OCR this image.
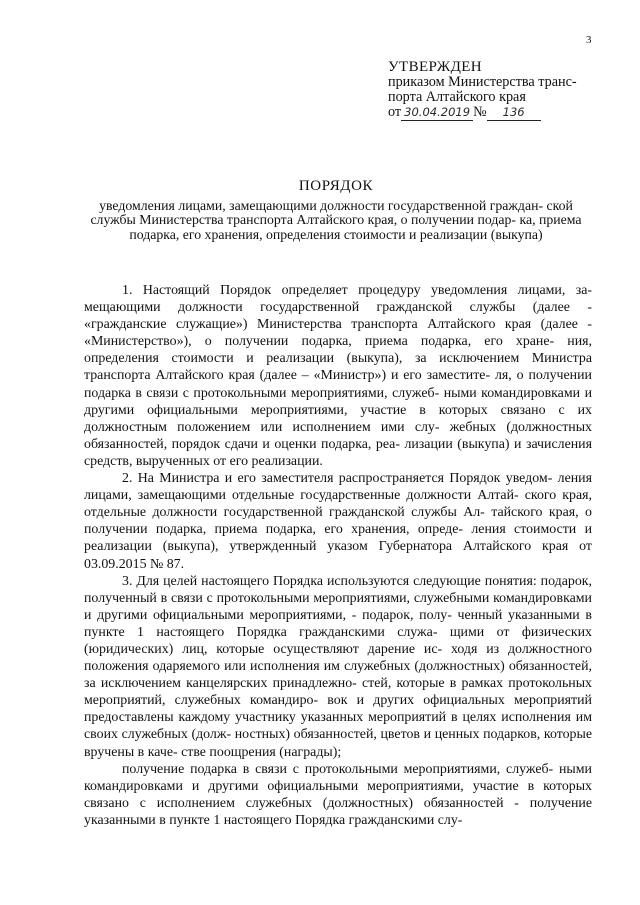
3
УТВЕРЖДЕН
приказом Министерства транс-
порта Алтайского края
от 30.04.2019 № 136
ПОРЯДОК
уведомления лицами, замещающими должности государственной граждан- ской службы Министерства транспорта Алтайского края, о получении подар- ка, приема подарка, его хранения, определения стоимости и реализации (выкупа)

1. Настоящий Порядок определяет процедуру уведомления лицами, за- мещающими должности государственной гражданской службы (далее - «гражданские служащие») Министерства транспорта Алтайского края (далее - «Министерство»), о получении подарка, приема подарка, его хране- ния, определения стоимости и реализации (выкупа), за исключением Министра транспорта Алтайского края (далее – «Министр») и его заместите- ля, о получении подарка в связи с протокольными мероприятиями, служеб- ными командировками и другими официальными мероприятиями, участие в которых связано с их должностным положением или исполнением ими слу- жебных (должностных обязанностей, порядок сдачи и оценки подарка, реа- лизации (выкупа) и зачисления средств, вырученных от его реализации.

2. На Министра и его заместителя распространяется Порядок уведом- ления лицами, замещающими отдельные государственные должности Алтай- ского края, отдельные должности государственной гражданской службы Ал- тайского края, о получении подарка, приема подарка, его хранения, опреде- ления стоимости и реализации (выкупа), утвержденный указом Губернатора Алтайского края от 03.09.2015 № 87.

3. Для целей настоящего Порядка используются следующие понятия: подарок, полученный в связи с протокольными мероприятиями, служебными командировками и другими официальными мероприятиями, - подарок, полу- ченный указанными в пункте 1 настоящего Порядка гражданскими служа- щими от физических (юридических) лиц, которые осуществляют дарение ис- ходя из должностного положения одаряемого или исполнения им служебных (должностных) обязанностей, за исключением канцелярских принадлежно- стей, которые в рамках протокольных мероприятий, служебных командиро- вок и других официальных мероприятий предоставлены каждому участнику указанных мероприятий в целях исполнения им своих служебных (долж- ностных) обязанностей, цветов и ценных подарков, которые вручены в каче- стве поощрения (награды);

получение подарка в связи с протокольными мероприятиями, служеб- ными командировками и другими официальными мероприятиями, участие в которых связано с исполнением служебных (должностных) обязанностей - получение указанными в пункте 1 настоящего Порядка гражданскими слу-
